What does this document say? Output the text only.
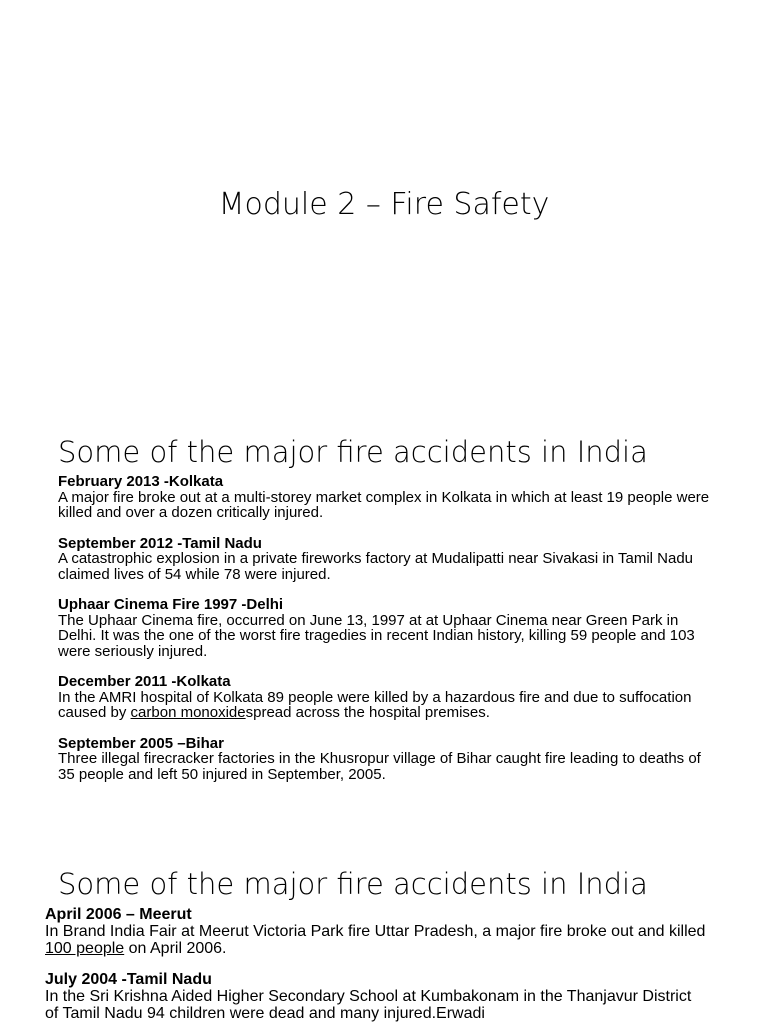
Module 2 – Fire Safety
Some of the major fire accidents in India
February 2013 -Kolkata
A major fire broke out at a multi-storey market complex in Kolkata in which at least 19 people were killed and over a dozen critically injured.
September 2012 -Tamil Nadu
A catastrophic explosion in a private fireworks factory at Mudalipatti near Sivakasi in Tamil Nadu claimed lives of 54 while 78 were injured.
Uphaar Cinema Fire 1997 -Delhi
The Uphaar Cinema fire, occurred on June 13, 1997 at at Uphaar Cinema near Green Park in Delhi. It was the one of the worst fire tragedies in recent Indian history, killing 59 people and 103 were seriously injured.
December 2011 -Kolkata
In the AMRI hospital of Kolkata 89 people were killed by a hazardous fire and due to suffocation caused by carbon monoxidespread across the hospital premises.
September 2005 –Bihar
Three illegal firecracker factories in the Khusropur village of Bihar caught fire leading to deaths of 35 people and left 50 injured in September, 2005.
Some of the major fire accidents in India
April 2006 – Meerut
In Brand India Fair at Meerut Victoria Park fire Uttar Pradesh, a major fire broke out and killed 100 people on April 2006.
July 2004 -Tamil Nadu
In the Sri Krishna Aided Higher Secondary School at Kumbakonam in the Thanjavur District of Tamil Nadu 94 children were dead and many injured.Erwadi
